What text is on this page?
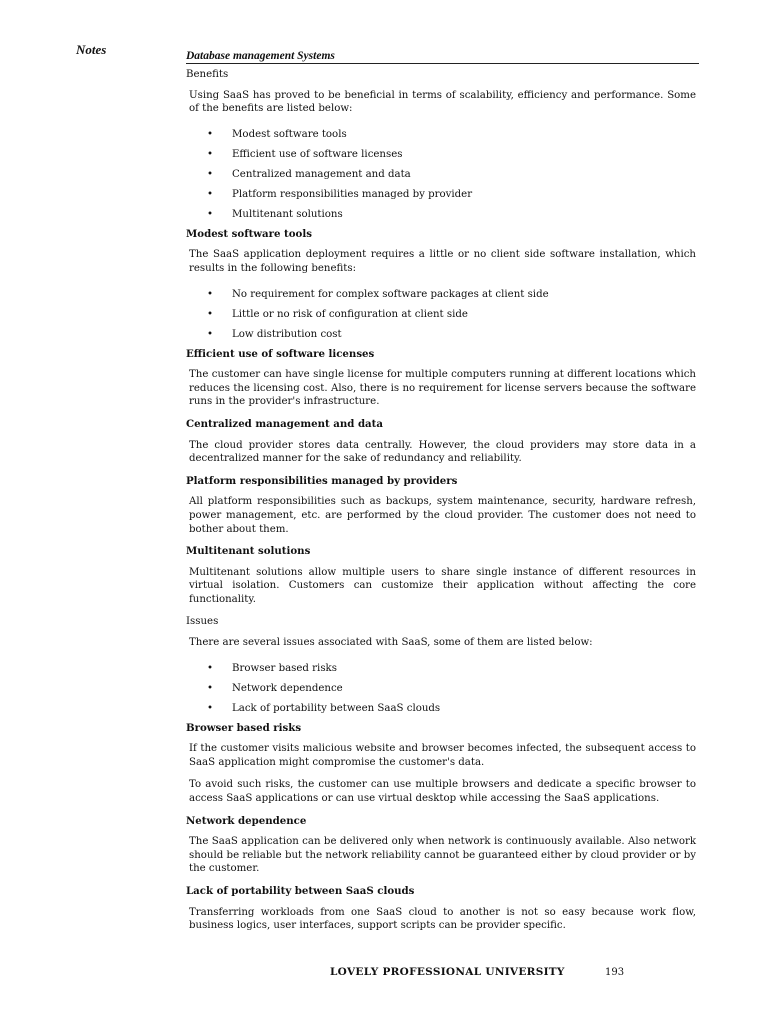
Notes	Database management Systems
Benefits
Using SaaS has proved to be beneficial in terms of scalability, efficiency and performance. Some of the benefits are listed below:
• Modest software tools
• Efficient use of software licenses
• Centralized management and data
• Platform responsibilities managed by provider
• Multitenant solutions
Modest software tools
The SaaS application deployment requires a little or no client side software installation, which results in the following benefits:
• No requirement for complex software packages at client side
• Little or no risk of configuration at client side
• Low distribution cost
Efficient use of software licenses
The customer can have single license for multiple computers running at different locations which reduces the licensing cost. Also, there is no requirement for license servers because the software runs in the provider's infrastructure.
Centralized management and data
The cloud provider stores data centrally. However, the cloud providers may store data in a decentralized manner for the sake of redundancy and reliability.
Platform responsibilities managed by providers
All platform responsibilities such as backups, system maintenance, security, hardware refresh, power management, etc. are performed by the cloud provider. The customer does not need to bother about them.
Multitenant solutions
Multitenant solutions allow multiple users to share single instance of different resources in virtual isolation. Customers can customize their application without affecting the core functionality.
Issues
There are several issues associated with SaaS, some of them are listed below:
• Browser based risks
• Network dependence
• Lack of portability between SaaS clouds
Browser based risks
If the customer visits malicious website and browser becomes infected, the subsequent access to SaaS application might compromise the customer's data.
To avoid such risks, the customer can use multiple browsers and dedicate a specific browser to access SaaS applications or can use virtual desktop while accessing the SaaS applications.
Network dependence
The SaaS application can be delivered only when network is continuously available. Also network should be reliable but the network reliability cannot be guaranteed either by cloud provider or by the customer.
Lack of portability between SaaS clouds
Transferring workloads from one SaaS cloud to another is not so easy because work flow, business logics, user interfaces, support scripts can be provider specific.
LOVELY PROFESSIONAL UNIVERSITY	193
